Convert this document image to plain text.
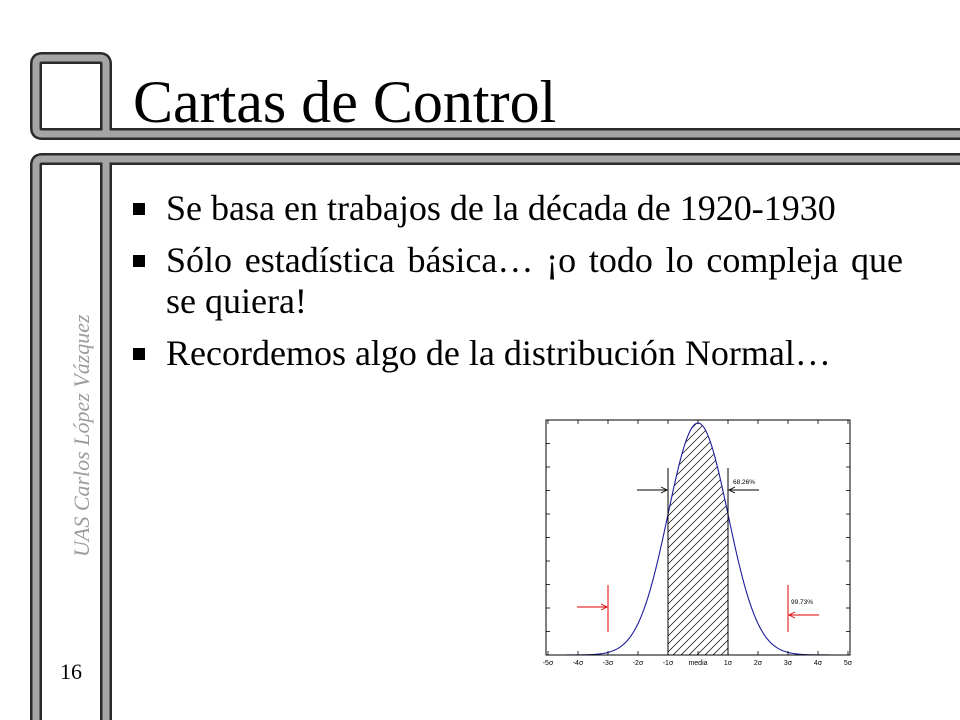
Cartas de Control
Se basa en trabajos de la década de 1920-1930
Sólo estadística básica… ¡o todo lo compleja que
se quiera!
Recordemos algo de la distribución Normal…
UAS Carlos López Vázquez
16	-5σ	-4σ	-3σ	-2σ	-1σ media 1σ	2σ	3σ	4σ	5σ
68.26%
99.73%
